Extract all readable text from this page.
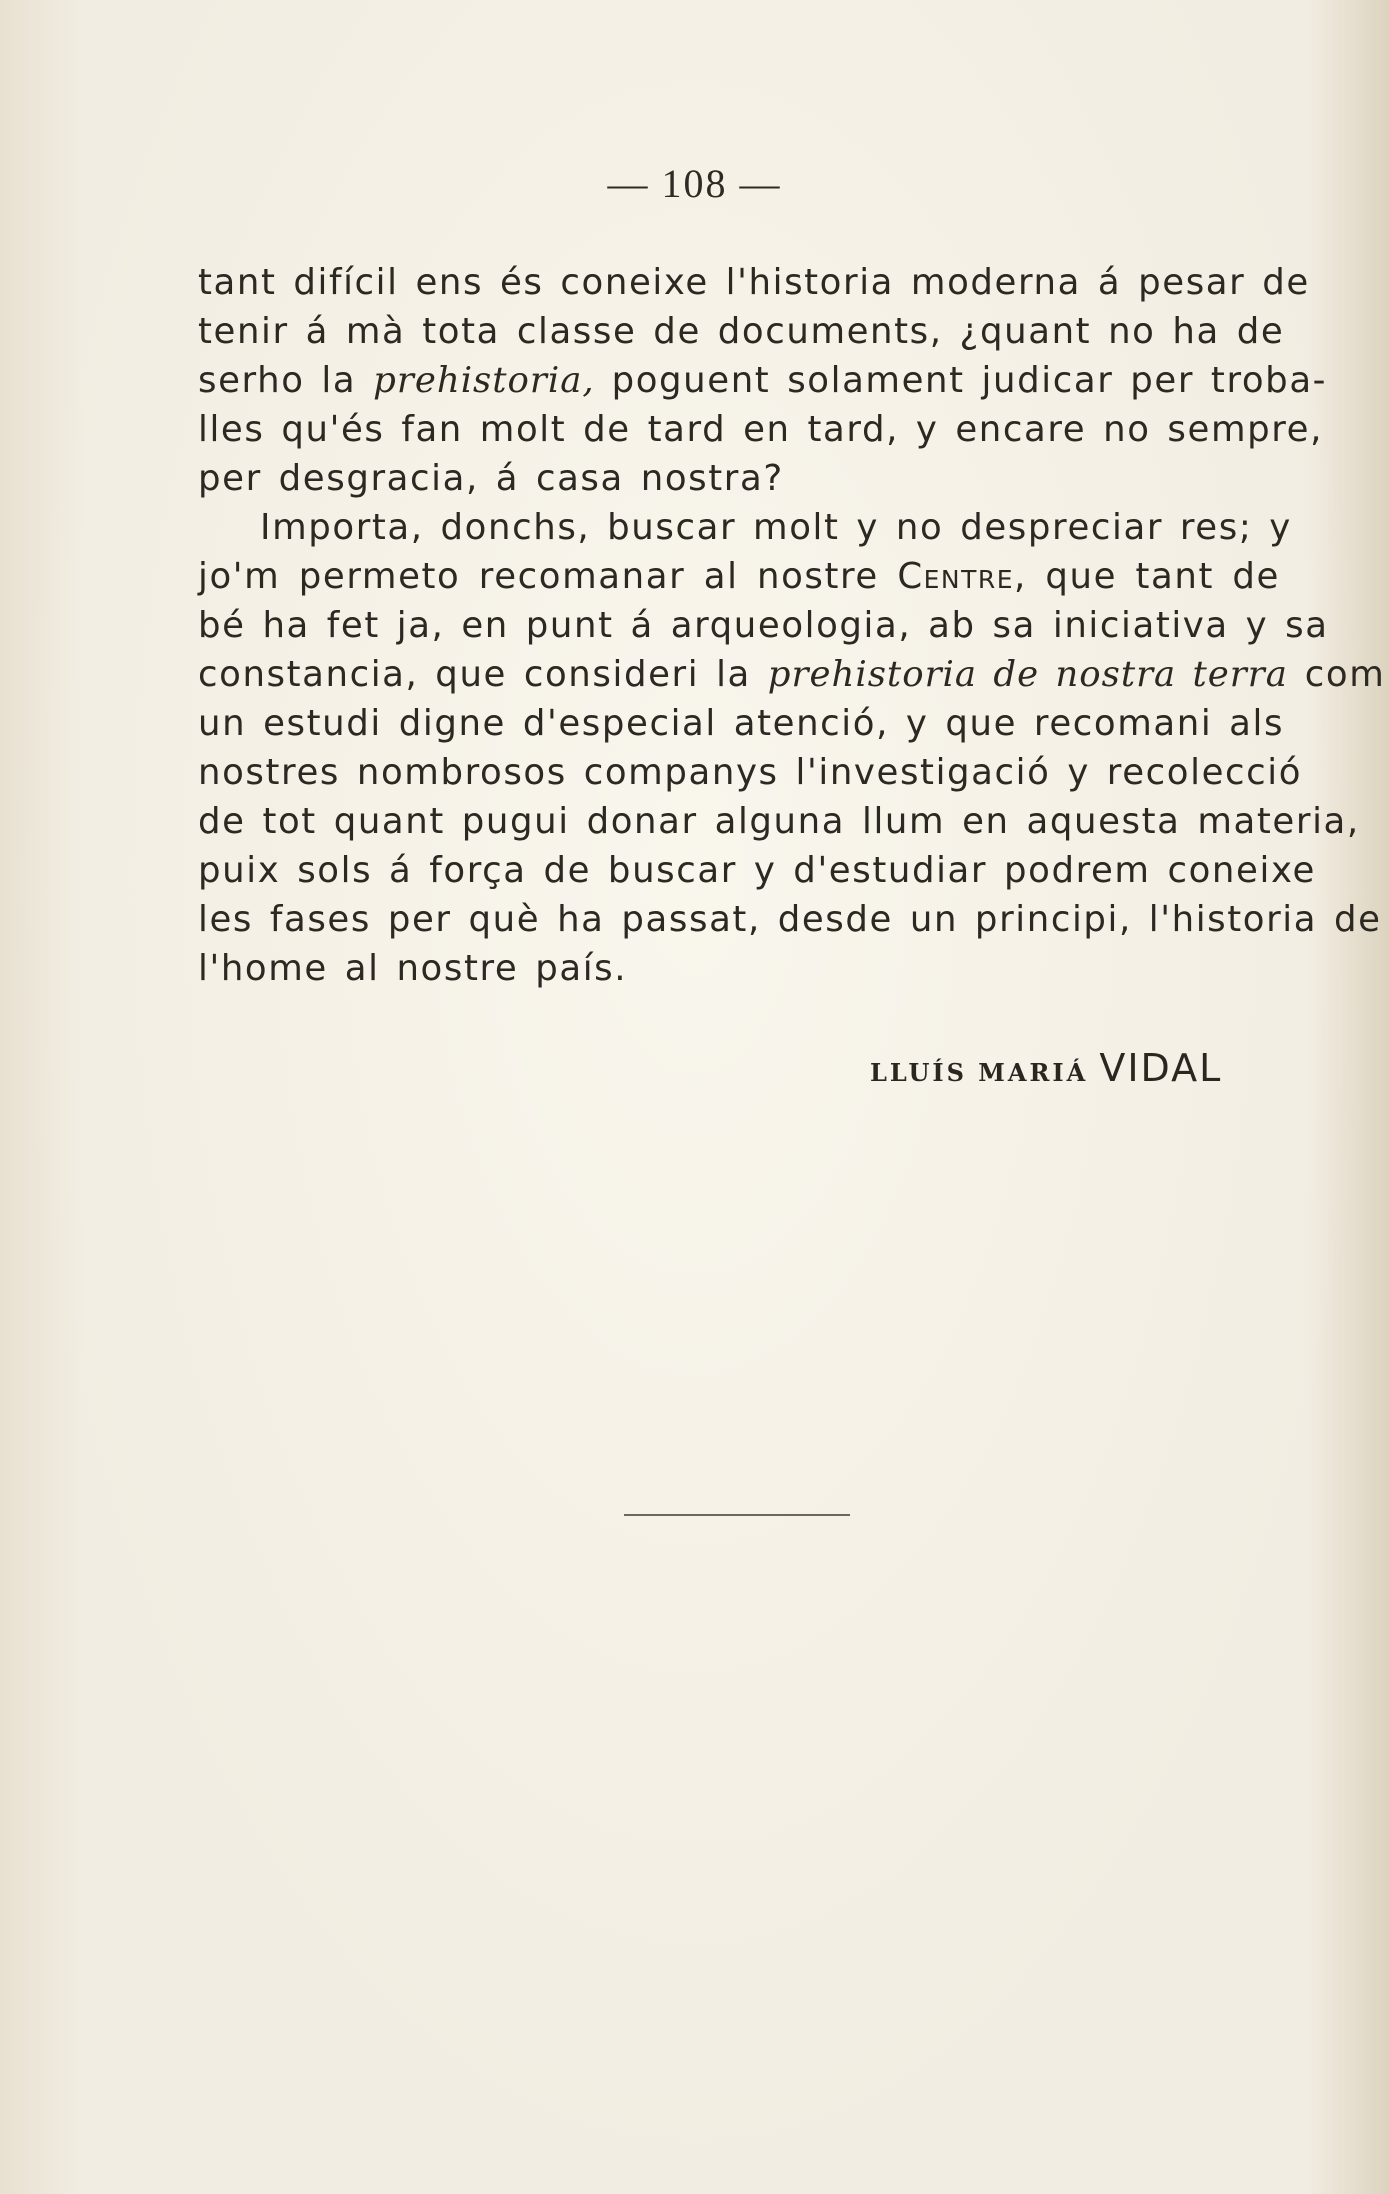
— 108 —
tant difícil ens és coneixe l'historia moderna á pesar de
tenir á mà tota classe de documents, ¿quant no ha de
serho la prehistoria, poguent solament judicar per troba-
lles qu'és fan molt de tard en tard, y encare no sempre,
per desgracia, á casa nostra?
Importa, donchs, buscar molt y no despreciar res; y
jo'm permeto recomanar al nostre Centre, que tant de
bé ha fet ja, en punt á arqueologia, ab sa iniciativa y sa
constancia, que consideri la prehistoria de nostra terra com
un estudi digne d'especial atenció, y que recomani als
nostres nombrosos companys l'investigació y recolecció
de tot quant pugui donar alguna llum en aquesta materia,
puix sols á força de buscar y d'estudiar podrem coneixe
les fases per què ha passat, desde un principi, l'historia de
l'home al nostre país.
LLUÍS MARIÁ VIDAL
